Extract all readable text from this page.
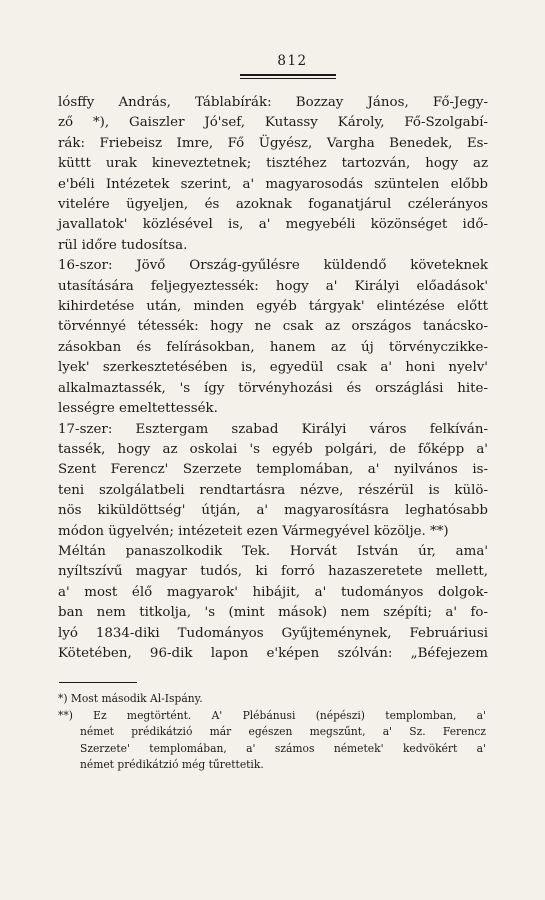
812

lósffy András, Táblabírák: Bozzay János, Fő-Jegy-

ző *), Gaiszler Jó'sef, Kutassy Károly, Fő-Szolgabí-

rák: Friebeisz Imre, Fő Ügyész, Vargha Benedek, Es-

küttt urak kineveztetnek; tisztéhez tartozván, hogy az

e'béli Intézetek szerint, a' magyarosodás szüntelen előbb

vitelére ügyeljen, és azoknak foganatjárul czélerányos

javallatok' közlésével is, a' megyebéli közönséget idő-

rül időre tudosítsa.

16-szor: Jövő Ország-gyűlésre küldendő követeknek

utasítására feljegyeztessék: hogy a' Királyi előadások'

kihirdetése után, minden egyéb tárgyak' elintézése előtt

törvénnyé tétessék: hogy ne csak az országos tanácsko-

zásokban és felírásokban, hanem az új törvényczikke-

lyek' szerkesztetésében is, egyedül csak a' honi nyelv'

alkalmaztassék, 's így törvényhozási és országlási hite-

lességre emeltettessék.

17-szer: Esztergam szabad Királyi város felkíván-

tassék, hogy az oskolai 's egyéb polgári, de főképp a'

Szent Ferencz' Szerzete templomában, a' nyilvános is-

teni szolgálatbeli rendtartásra nézve, részérül is külö-

nös kiküldöttség' útján, a' magyarosításra leghatósabb

módon ügyelvén; intézeteit ezen Vármegyével közölje. **)

Méltán panaszolkodik Tek. Horvát István úr, ama'

nyíltszívű magyar tudós, ki forró hazaszeretete mellett,

a' most élő magyarok' hibájit, a' tudományos dolgok-

ban nem titkolja, 's (mint mások) nem szépíti; a' fo-

lyó 1834-diki Tudományos Gyűjteménynek, Februáriusi

Kötetében, 96-dik lapon e'képen szólván: „Béfejezem

*) Most második Al-Ispány.

**) Ez megtörtént. A' Plébánusi (népészi) templomban, a'

német prédikátzió már egészen megszűnt, a' Sz. Ferencz

Szerzete' templomában, a' számos németek' kedvökért a'

német prédikátzió még tűrettetik.
